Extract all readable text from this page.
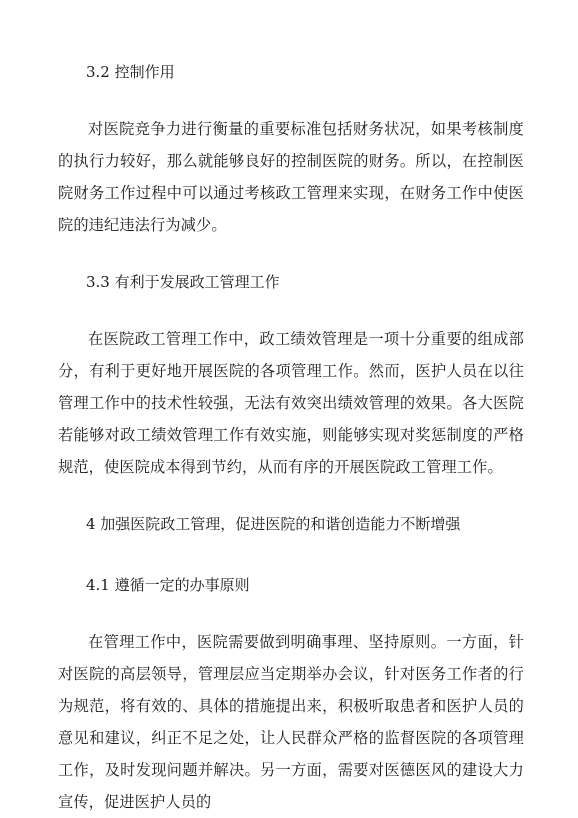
3.2 控制作用
对医院竞争力进行衡量的重要标准包括财务状况，如果考核制度的执行力较好，那么就能够良好的控制医院的财务。所以，在控制医院财务工作过程中可以通过考核政工管理来实现，在财务工作中使医院的违纪违法行为减少。
3.3 有利于发展政工管理工作
在医院政工管理工作中，政工绩效管理是一项十分重要的组成部分，有利于更好地开展医院的各项管理工作。然而，医护人员在以往管理工作中的技术性较强，无法有效突出绩效管理的效果。各大医院若能够对政工绩效管理工作有效实施，则能够实现对奖惩制度的严格规范，使医院成本得到节约，从而有序的开展医院政工管理工作。
4 加强医院政工管理，促进医院的和谐创造能力不断增强
4.1 遵循一定的办事原则
在管理工作中，医院需要做到明确事理、坚持原则。一方面，针对医院的高层领导，管理层应当定期举办会议，针对医务工作者的行为规范，将有效的、具体的措施提出来，积极听取患者和医护人员的意见和建议，纠正不足之处，让人民群众严格的监督医院的各项管理工作，及时发现问题并解决。另一方面，需要对医德医风的建设大力宣传，促进医护人员的
